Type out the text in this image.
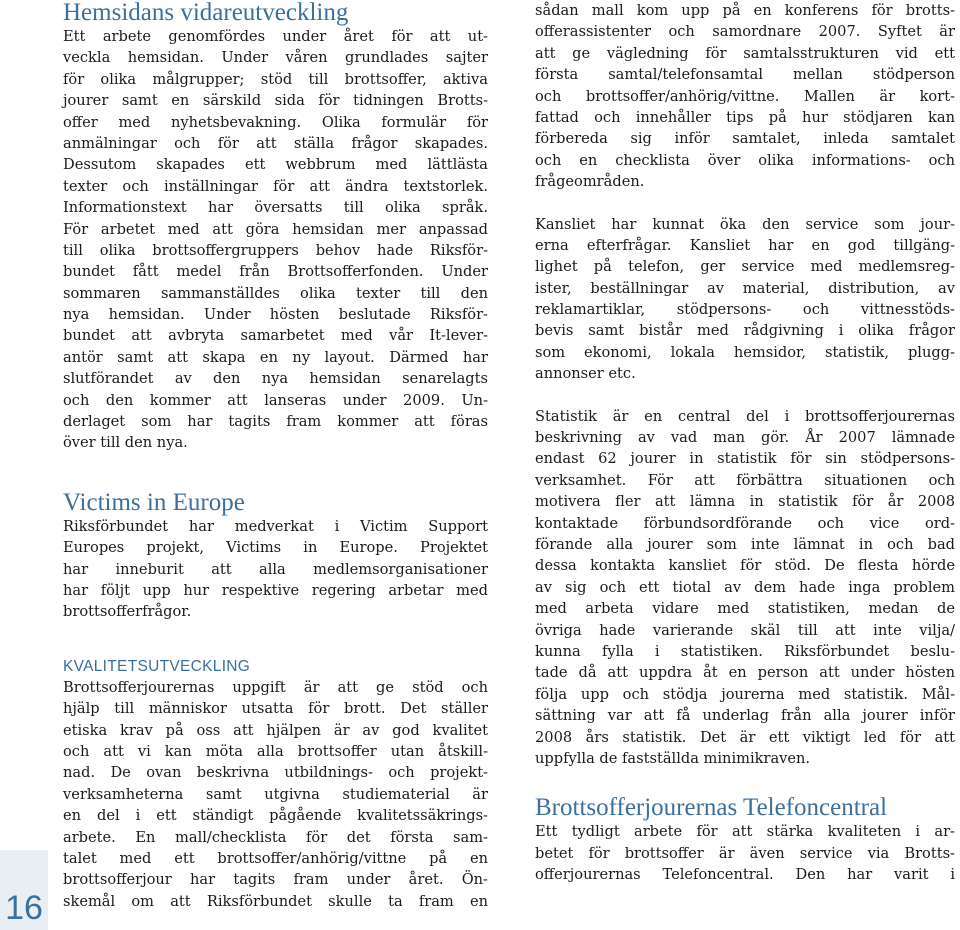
Hemsidans vidareutveckling
Ett arbete genomfördes under året för att ut-
veckla hemsidan. Under våren grundlades sajter
för olika målgrupper; stöd till brottsoffer, aktiva
jourer samt en särskild sida för tidningen Brotts-
offer med nyhetsbevakning. Olika formulär för
anmälningar och för att ställa frågor skapades.
Dessutom skapades ett webbrum med lättlästa
texter och inställningar för att ändra textstorlek.
Informationstext har översatts till olika språk.
För arbetet med att göra hemsidan mer anpassad
till olika brottsoffergruppers behov hade Riksför-
bundet fått medel från Brottsofferfonden. Under
sommaren sammanställdes olika texter till den
nya hemsidan. Under hösten beslutade Riksför-
bundet att avbryta samarbetet med vår It-lever-
antör samt att skapa en ny layout. Därmed har
slutförandet av den nya hemsidan senarelagts
och den kommer att lanseras under 2009. Un-
derlaget som har tagits fram kommer att föras
över till den nya.
Victims in Europe
Riksförbundet har medverkat i Victim Support
Europes projekt, Victims in Europe. Projektet
har inneburit att alla medlemsorganisationer
har följt upp hur respektive regering arbetar med
brottsofferfrågor.
KVALITETSUTVECKLING
Brottsofferjourernas uppgift är att ge stöd och
hjälp till människor utsatta för brott. Det ställer
etiska krav på oss att hjälpen är av god kvalitet
och att vi kan möta alla brottsoffer utan åtskill-
nad. De ovan beskrivna utbildnings- och projekt-
verksamheterna samt utgivna studiematerial är
en del i ett ständigt pågående kvalitetssäkrings-
arbete. En mall/checklista för det första sam-
talet med ett brottsoffer/anhörig/vittne på en
brottsofferjour har tagits fram under året. Ön-
skemål om att Riksförbundet skulle ta fram en
sådan mall kom upp på en konferens för brotts-
offerassistenter och samordnare 2007. Syftet är
att ge vägledning för samtalsstrukturen vid ett
första samtal/telefonsamtal mellan stödperson
och brottsoffer/anhörig/vittne. Mallen är kort-
fattad och innehåller tips på hur stödjaren kan
förbereda sig inför samtalet, inleda samtalet
och en checklista över olika informations- och
frågeområden.
Kansliet har kunnat öka den service som jour-
erna efterfrågar. Kansliet har en god tillgäng-
lighet på telefon, ger service med medlemsreg-
ister, beställningar av material, distribution, av
reklamartiklar, stödpersons- och vittnesstöds-
bevis samt bistår med rådgivning i olika frågor
som ekonomi, lokala hemsidor, statistik, plugg-
annonser etc.
Statistik är en central del i brottsofferjourernas
beskrivning av vad man gör. År 2007 lämnade
endast 62 jourer in statistik för sin stödpersons-
verksamhet. För att förbättra situationen och
motivera fler att lämna in statistik för år 2008
kontaktade förbundsordförande och vice ord-
förande alla jourer som inte lämnat in och bad
dessa kontakta kansliet för stöd. De flesta hörde
av sig och ett tiotal av dem hade inga problem
med arbeta vidare med statistiken, medan de
övriga hade varierande skäl till att inte vilja/
kunna fylla i statistiken. Riksförbundet beslu-
tade då att uppdra åt en person att under hösten
följa upp och stödja jourerna med statistik. Mål-
sättning var att få underlag från alla jourer inför
2008 års statistik. Det är ett viktigt led för att
uppfylla de fastställda minimikraven.
Brottsofferjourernas Telefoncentral
Ett tydligt arbete för att stärka kvaliteten i ar-
betet för brottsoffer är även service via Brotts-
offerjourernas Telefoncentral. Den har varit i
16
